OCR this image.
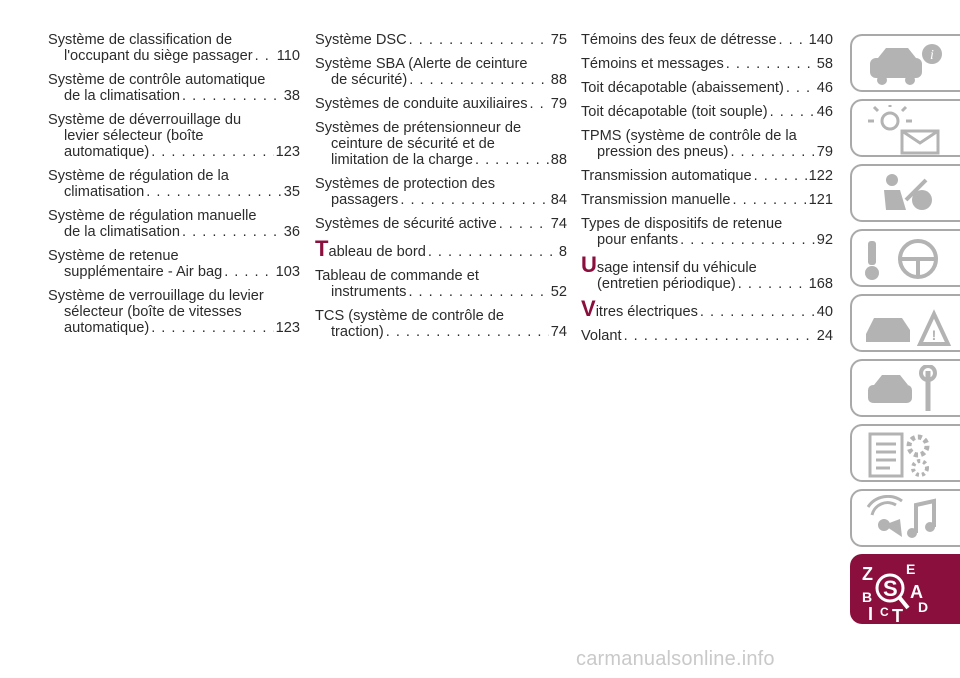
Système de classification de
l'occupant du siège passager . . . 110
Système de contrôle automatique
de la climatisation . . .	38
Système de déverrouillage du
levier sélecteur (boîte
automatique) . . .	123
Système de régulation de la
climatisation . . .	35
Système de régulation manuelle
de la climatisation . . .	36
Système de retenue
supplémentaire - Air bag . . .	103
Système de verrouillage du levier
sélecteur (boîte de vitesses
automatique) . . .	123
Système DSC . . .	75
Système SBA (Alerte de ceinture
de sécurité) . . .	88
Systèmes de conduite auxiliaires . . . 79
Systèmes de prétensionneur de
ceinture de sécurité et de
limitation de la charge . . .	88
Systèmes de protection des
passagers . . .	84
Systèmes de sécurité active . . .	74
T ableau de bord . . .	8
Tableau de commande et
instruments . . .	52
TCS (système de contrôle de
traction) . . .	74
Témoins des feux de détresse . . . 140
Témoins et messages . . .	58
Toit décapotable (abaissement) . . . 46
Toit décapotable (toit souple) . . .	46
TPMS (système de contrôle de la
pression des pneus) . . .	79
Transmission automatique . . .	122
Transmission manuelle . . .	121
Types de dispositifs de retenue
pour enfants . . .	92
U sage intensif du véhicule
(entretien périodique) . . .	168
V itres électriques . . .	40
Volant . . .	24
i
!
Z E
B S A
I C T D
carmanualsonline.info
